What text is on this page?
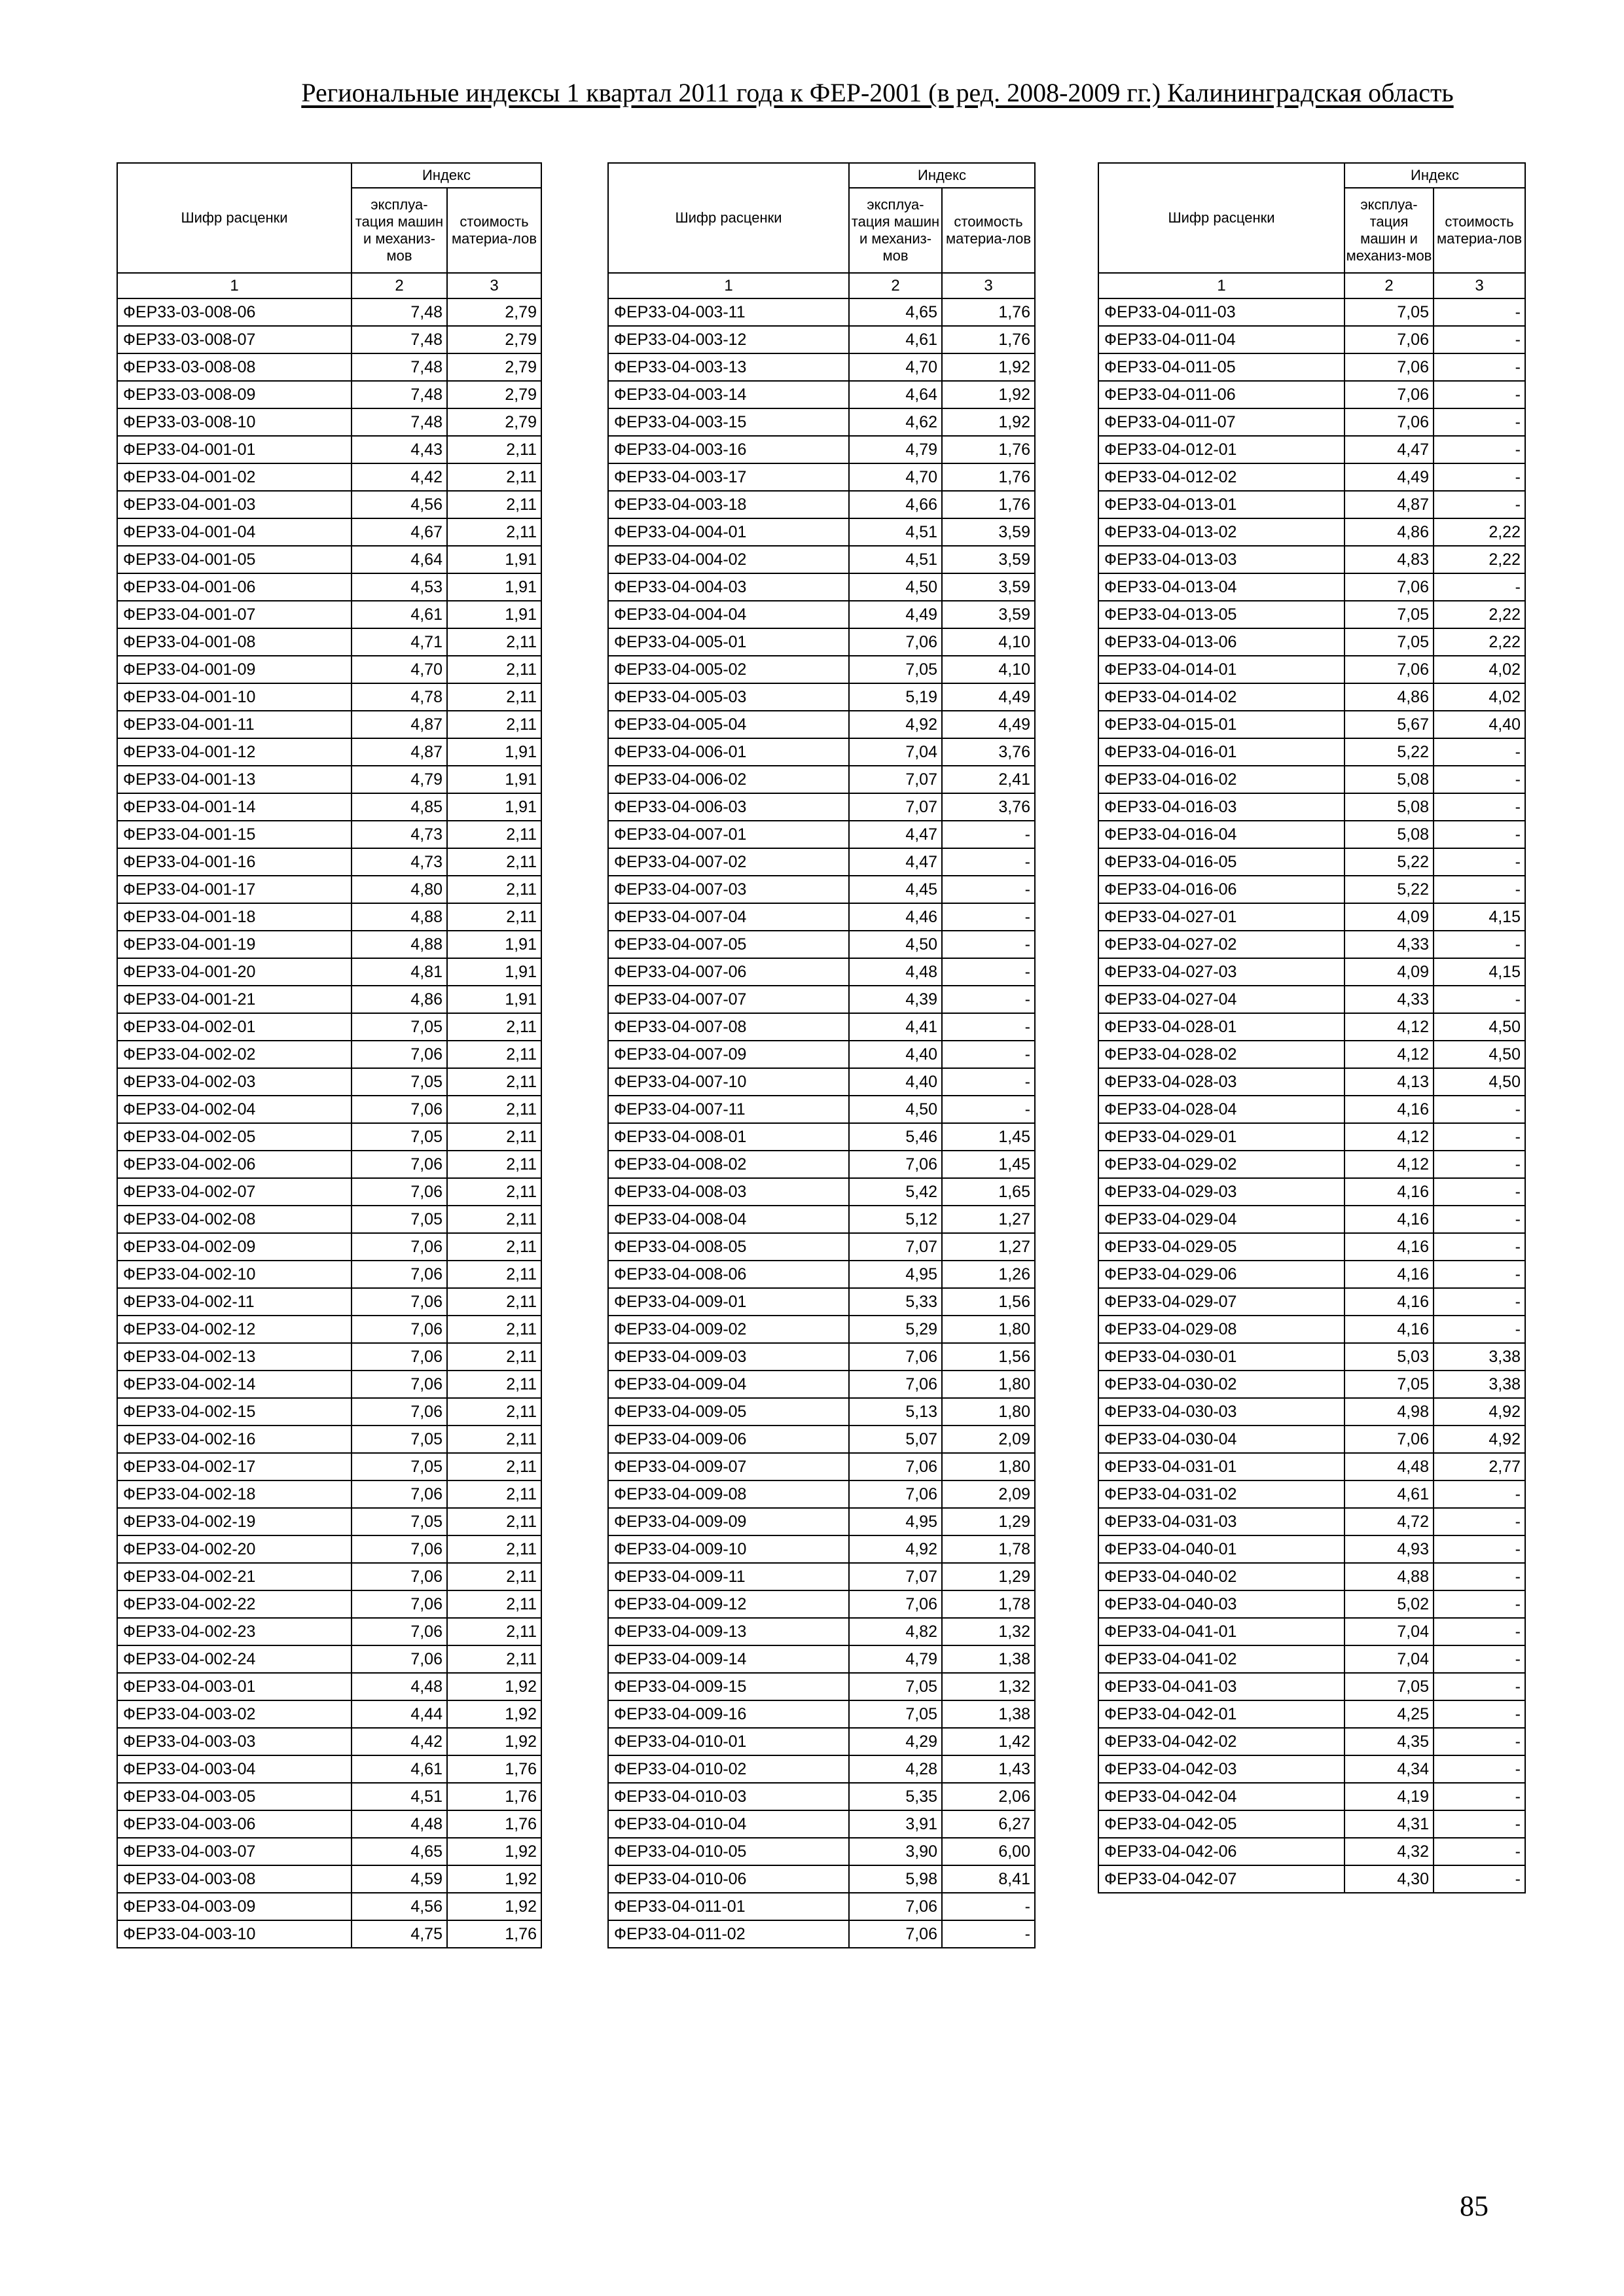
Региональные индексы 1 квартал 2011 года к ФЕР-2001 (в ред. 2008-2009 гг.) Калининградская область
Шифр расценки	Индекс	
	эксплуа-тация машин и механиз-мов	стоимость материа-лов
1	2	3
ФЕР33-03-008-06	7,48	2,79
ФЕР33-03-008-07	7,48	2,79
ФЕР33-03-008-08	7,48	2,79
ФЕР33-03-008-09	7,48	2,79
ФЕР33-03-008-10	7,48	2,79
ФЕР33-04-001-01	4,43	2,11
ФЕР33-04-001-02	4,42	2,11
ФЕР33-04-001-03	4,56	2,11
ФЕР33-04-001-04	4,67	2,11
ФЕР33-04-001-05	4,64	1,91
ФЕР33-04-001-06	4,53	1,91
ФЕР33-04-001-07	4,61	1,91
ФЕР33-04-001-08	4,71	2,11
ФЕР33-04-001-09	4,70	2,11
ФЕР33-04-001-10	4,78	2,11
ФЕР33-04-001-11	4,87	2,11
ФЕР33-04-001-12	4,87	1,91
ФЕР33-04-001-13	4,79	1,91
ФЕР33-04-001-14	4,85	1,91
ФЕР33-04-001-15	4,73	2,11
ФЕР33-04-001-16	4,73	2,11
ФЕР33-04-001-17	4,80	2,11
ФЕР33-04-001-18	4,88	2,11
ФЕР33-04-001-19	4,88	1,91
ФЕР33-04-001-20	4,81	1,91
ФЕР33-04-001-21	4,86	1,91
ФЕР33-04-002-01	7,05	2,11
ФЕР33-04-002-02	7,06	2,11
ФЕР33-04-002-03	7,05	2,11
ФЕР33-04-002-04	7,06	2,11
ФЕР33-04-002-05	7,05	2,11
ФЕР33-04-002-06	7,06	2,11
ФЕР33-04-002-07	7,06	2,11
ФЕР33-04-002-08	7,05	2,11
ФЕР33-04-002-09	7,06	2,11
ФЕР33-04-002-10	7,06	2,11
ФЕР33-04-002-11	7,06	2,11
ФЕР33-04-002-12	7,06	2,11
ФЕР33-04-002-13	7,06	2,11
ФЕР33-04-002-14	7,06	2,11
ФЕР33-04-002-15	7,06	2,11
ФЕР33-04-002-16	7,05	2,11
ФЕР33-04-002-17	7,05	2,11
ФЕР33-04-002-18	7,06	2,11
ФЕР33-04-002-19	7,05	2,11
ФЕР33-04-002-20	7,06	2,11
ФЕР33-04-002-21	7,06	2,11
ФЕР33-04-002-22	7,06	2,11
ФЕР33-04-002-23	7,06	2,11
ФЕР33-04-002-24	7,06	2,11
ФЕР33-04-003-01	4,48	1,92
ФЕР33-04-003-02	4,44	1,92
ФЕР33-04-003-03	4,42	1,92
ФЕР33-04-003-04	4,61	1,76
ФЕР33-04-003-05	4,51	1,76
ФЕР33-04-003-06	4,48	1,76
ФЕР33-04-003-07	4,65	1,92
ФЕР33-04-003-08	4,59	1,92
ФЕР33-04-003-09	4,56	1,92
ФЕР33-04-003-10	4,75	1,76
Шифр расценки	Индекс	
	эксплуа-тация машин и механиз-мов	стоимость материа-лов
1	2	3
ФЕР33-04-003-11	4,65	1,76
ФЕР33-04-003-12	4,61	1,76
ФЕР33-04-003-13	4,70	1,92
ФЕР33-04-003-14	4,64	1,92
ФЕР33-04-003-15	4,62	1,92
ФЕР33-04-003-16	4,79	1,76
ФЕР33-04-003-17	4,70	1,76
ФЕР33-04-003-18	4,66	1,76
ФЕР33-04-004-01	4,51	3,59
ФЕР33-04-004-02	4,51	3,59
ФЕР33-04-004-03	4,50	3,59
ФЕР33-04-004-04	4,49	3,59
ФЕР33-04-005-01	7,06	4,10
ФЕР33-04-005-02	7,05	4,10
ФЕР33-04-005-03	5,19	4,49
ФЕР33-04-005-04	4,92	4,49
ФЕР33-04-006-01	7,04	3,76
ФЕР33-04-006-02	7,07	2,41
ФЕР33-04-006-03	7,07	3,76
ФЕР33-04-007-01	4,47	-
ФЕР33-04-007-02	4,47	-
ФЕР33-04-007-03	4,45	-
ФЕР33-04-007-04	4,46	-
ФЕР33-04-007-05	4,50	-
ФЕР33-04-007-06	4,48	-
ФЕР33-04-007-07	4,39	-
ФЕР33-04-007-08	4,41	-
ФЕР33-04-007-09	4,40	-
ФЕР33-04-007-10	4,40	-
ФЕР33-04-007-11	4,50	-
ФЕР33-04-008-01	5,46	1,45
ФЕР33-04-008-02	7,06	1,45
ФЕР33-04-008-03	5,42	1,65
ФЕР33-04-008-04	5,12	1,27
ФЕР33-04-008-05	7,07	1,27
ФЕР33-04-008-06	4,95	1,26
ФЕР33-04-009-01	5,33	1,56
ФЕР33-04-009-02	5,29	1,80
ФЕР33-04-009-03	7,06	1,56
ФЕР33-04-009-04	7,06	1,80
ФЕР33-04-009-05	5,13	1,80
ФЕР33-04-009-06	5,07	2,09
ФЕР33-04-009-07	7,06	1,80
ФЕР33-04-009-08	7,06	2,09
ФЕР33-04-009-09	4,95	1,29
ФЕР33-04-009-10	4,92	1,78
ФЕР33-04-009-11	7,07	1,29
ФЕР33-04-009-12	7,06	1,78
ФЕР33-04-009-13	4,82	1,32
ФЕР33-04-009-14	4,79	1,38
ФЕР33-04-009-15	7,05	1,32
ФЕР33-04-009-16	7,05	1,38
ФЕР33-04-010-01	4,29	1,42
ФЕР33-04-010-02	4,28	1,43
ФЕР33-04-010-03	5,35	2,06
ФЕР33-04-010-04	3,91	6,27
ФЕР33-04-010-05	3,90	6,00
ФЕР33-04-010-06	5,98	8,41
ФЕР33-04-011-01	7,06	-
ФЕР33-04-011-02	7,06	-
Шифр расценки	Индекс	
	эксплуа-тация машин и механиз-мов	стоимость материа-лов
1	2	3
ФЕР33-04-011-03	7,05	-
ФЕР33-04-011-04	7,06	-
ФЕР33-04-011-05	7,06	-
ФЕР33-04-011-06	7,06	-
ФЕР33-04-011-07	7,06	-
ФЕР33-04-012-01	4,47	-
ФЕР33-04-012-02	4,49	-
ФЕР33-04-013-01	4,87	-
ФЕР33-04-013-02	4,86	2,22
ФЕР33-04-013-03	4,83	2,22
ФЕР33-04-013-04	7,06	-
ФЕР33-04-013-05	7,05	2,22
ФЕР33-04-013-06	7,05	2,22
ФЕР33-04-014-01	7,06	4,02
ФЕР33-04-014-02	4,86	4,02
ФЕР33-04-015-01	5,67	4,40
ФЕР33-04-016-01	5,22	-
ФЕР33-04-016-02	5,08	-
ФЕР33-04-016-03	5,08	-
ФЕР33-04-016-04	5,08	-
ФЕР33-04-016-05	5,22	-
ФЕР33-04-016-06	5,22	-
ФЕР33-04-027-01	4,09	4,15
ФЕР33-04-027-02	4,33	-
ФЕР33-04-027-03	4,09	4,15
ФЕР33-04-027-04	4,33	-
ФЕР33-04-028-01	4,12	4,50
ФЕР33-04-028-02	4,12	4,50
ФЕР33-04-028-03	4,13	4,50
ФЕР33-04-028-04	4,16	-
ФЕР33-04-029-01	4,12	-
ФЕР33-04-029-02	4,12	-
ФЕР33-04-029-03	4,16	-
ФЕР33-04-029-04	4,16	-
ФЕР33-04-029-05	4,16	-
ФЕР33-04-029-06	4,16	-
ФЕР33-04-029-07	4,16	-
ФЕР33-04-029-08	4,16	-
ФЕР33-04-030-01	5,03	3,38
ФЕР33-04-030-02	7,05	3,38
ФЕР33-04-030-03	4,98	4,92
ФЕР33-04-030-04	7,06	4,92
ФЕР33-04-031-01	4,48	2,77
ФЕР33-04-031-02	4,61	-
ФЕР33-04-031-03	4,72	-
ФЕР33-04-040-01	4,93	-
ФЕР33-04-040-02	4,88	-
ФЕР33-04-040-03	5,02	-
ФЕР33-04-041-01	7,04	-
ФЕР33-04-041-02	7,04	-
ФЕР33-04-041-03	7,05	-
ФЕР33-04-042-01	4,25	-
ФЕР33-04-042-02	4,35	-
ФЕР33-04-042-03	4,34	-
ФЕР33-04-042-04	4,19	-
ФЕР33-04-042-05	4,31	-
ФЕР33-04-042-06	4,32	-
ФЕР33-04-042-07	4,30	-
85
